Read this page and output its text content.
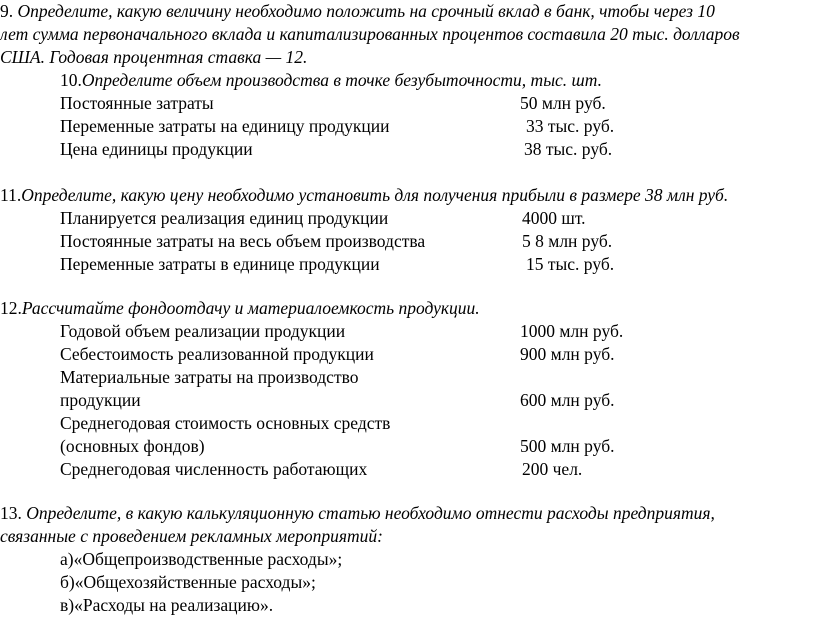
9. Определите, какую величину необходимо положить на срочный вклад в банк, чтобы через 10
лет сумма первоначального вклада и капитализированных процентов составила 20 тыс. долларов
США. Годовая процентная ставка — 12.
10.Определите объем производства в точке безубыточности, тыс. шт.
Постоянные затраты	50 млн руб.
Переменные затраты на единицу продукции	33 тыс. руб.
Цена единицы продукции	38 тыс. руб.
11.Определите, какую цену необходимо установить для получения прибыли в размере 38 млн руб.
Планируется реализация единиц продукции	4000 шт.
Постоянные затраты на весь объем производства	5 8 млн руб.
Переменные затраты в единице продукции	15 тыс. руб.
12.Рассчитайте фондоотдачу и материалоемкость продукции.
Годовой объем реализации продукции	1000 млн руб.
Себестоимость реализованной продукции	900 млн руб.
Материальные затраты на производство
продукции	600 млн руб.
Среднегодовая стоимость основных средств
(основных фондов)	500 млн руб.
Среднегодовая численность работающих	200 чел.
13. Определите, в какую калькуляционную статью необходимо отнести расходы предприятия,
связанные с проведением рекламных мероприятий:
а)«Общепроизводственные расходы»;
б)«Общехозяйственные расходы»;
в)«Расходы на реализацию».
